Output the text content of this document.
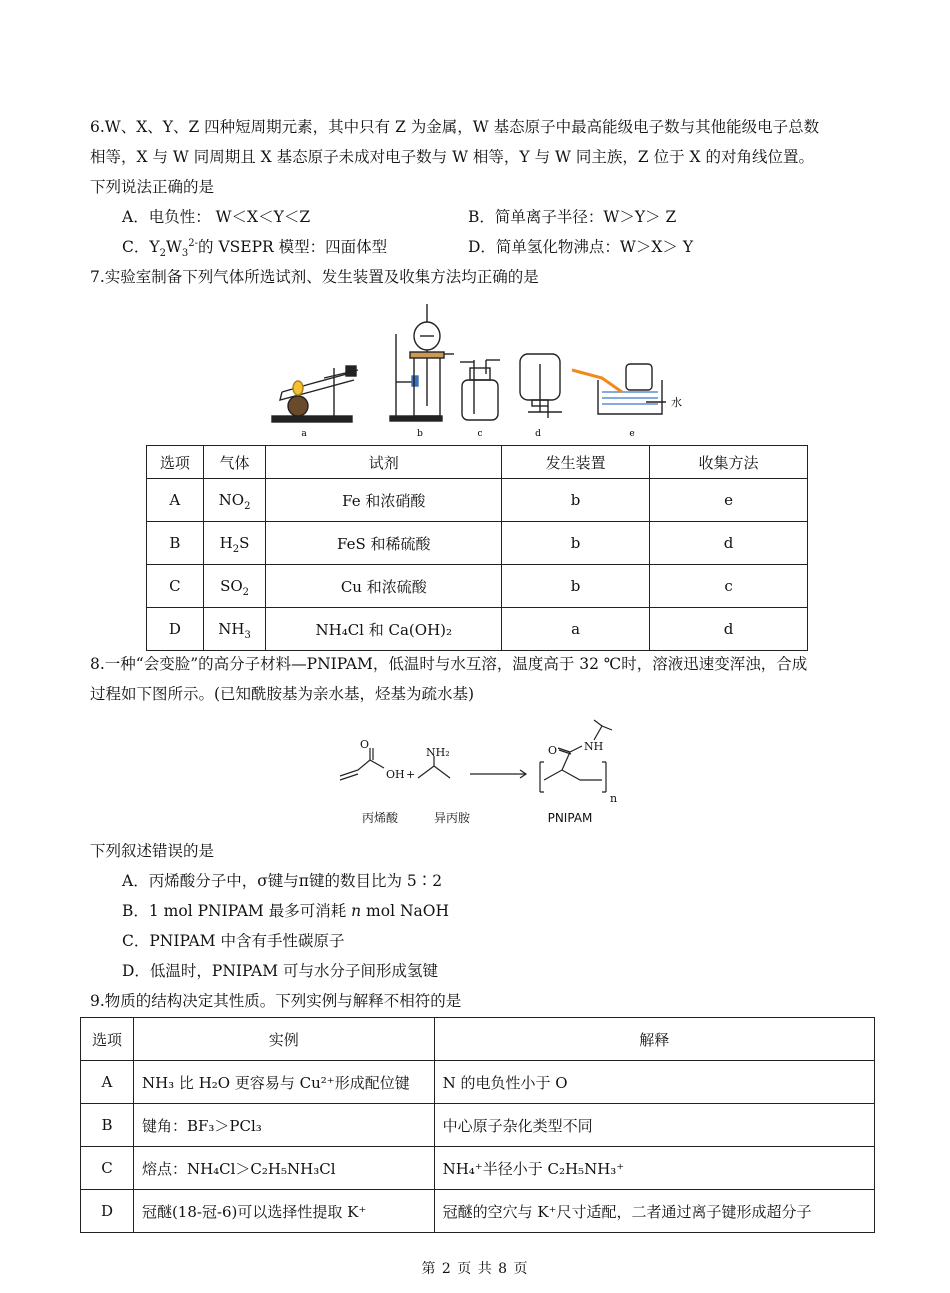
6.W、X、Y、Z 四种短周期元素，其中只有 Z 为金属，W 基态原子中最高能级电子数与其他能级电子总数
相等，X 与 W 同周期且 X 基态原子未成对电子数与 W 相等，Y 与 W 同主族，Z 位于 X 的对角线位置。
下列说法正确的是
A．电负性： W＜X＜Y＜Z	B．简单离子半径：W＞Y＞ Z
C．$Y_2W_3^{2-}$的 VSEPR 模型：四面体型	D．简单氢化物沸点：W＞X＞ Y
7.实验室制备下列气体所选试剂、发生装置及收集方法均正确的是
水
a	b	c	d	e
选项	气体	试剂	发生装置	收集方法
A	$NO_2$	Fe 和浓硝酸	b	e
B	$H_2S$	FeS 和稀硫酸	b	d
C	$SO_2$	Cu 和浓硫酸	b	c
D	$NH_3$	NH₄Cl 和 Ca(OH)₂	a	d
8.一种“会变脸”的高分子材料—PNIPAM，低温时与水互溶，温度高于 32 ℃时，溶液迅速变浑浊，合成
过程如下图所示。(已知酰胺基为亲水基，烃基为疏水基)
O
OH +
NH₂	O NH
n
丙烯酸	异丙胺	PNIPAM
下列叙述错误的是
A．丙烯酸分子中，σ键与π键的数目比为 5∶2
B．1 mol PNIPAM 最多可消耗 n mol NaOH
C．PNIPAM 中含有手性碳原子
D．低温时，PNIPAM 可与水分子间形成氢键
9.物质的结构决定其性质。下列实例与解释不相符的是
选项	实例	解释
A	NH₃ 比 H₂O 更容易与 Cu²⁺形成配位键	N 的电负性小于 O
B	键角：BF₃＞PCl₃	中心原子杂化类型不同
C	熔点：NH₄Cl＞C₂H₅NH₃Cl	NH₄⁺半径小于 C₂H₅NH₃⁺
D	冠醚(18-冠-6)可以选择性提取 K⁺	冠醚的空穴与 K⁺尺寸适配，二者通过离子键形成超分子
第 2 页 共 8 页
